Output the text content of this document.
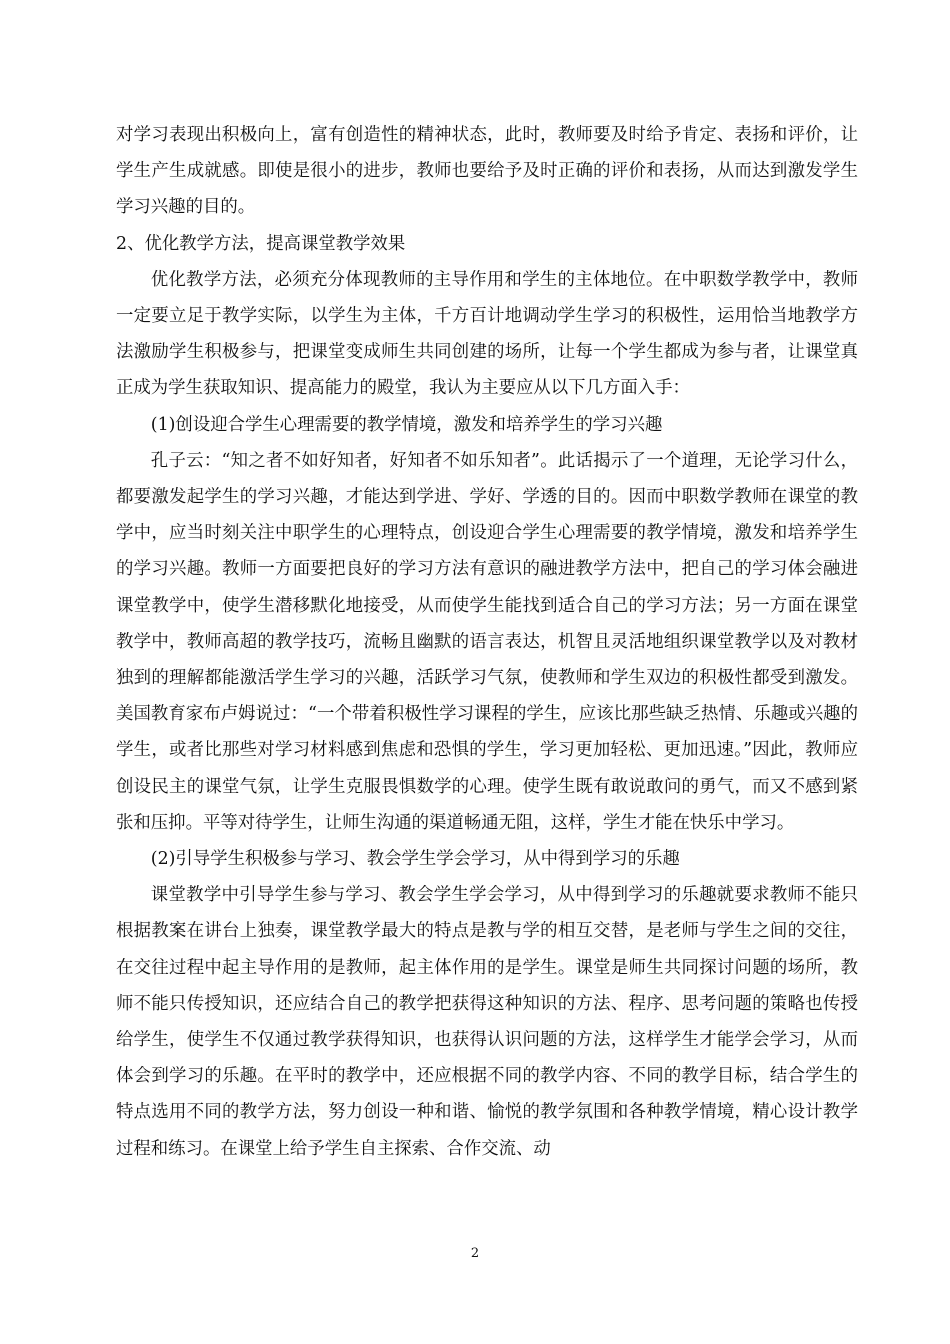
对学习表现出积极向上，富有创造性的精神状态，此时，教师要及时给予肯定、表扬和评价，让学生产生成就感。即使是很小的进步，教师也要给予及时正确的评价和表扬，从而达到激发学生学习兴趣的目的。

2、优化教学方法，提高课堂教学效果

优化教学方法，必须充分体现教师的主导作用和学生的主体地位。在中职数学教学中，教师一定要立足于教学实际，以学生为主体，千方百计地调动学生学习的积极性，运用恰当地教学方法激励学生积极参与，把课堂变成师生共同创建的场所，让每一个学生都成为参与者，让课堂真正成为学生获取知识、提高能力的殿堂，我认为主要应从以下几方面入手：

(1)创设迎合学生心理需要的教学情境，激发和培养学生的学习兴趣

孔子云：“知之者不如好知者，好知者不如乐知者”。此话揭示了一个道理，无论学习什么，都要激发起学生的学习兴趣，才能达到学进、学好、学透的目的。因而中职数学教师在课堂的教学中，应当时刻关注中职学生的心理特点，创设迎合学生心理需要的教学情境，激发和培养学生的学习兴趣。教师一方面要把良好的学习方法有意识的融进教学方法中，把自己的学习体会融进课堂教学中，使学生潜移默化地接受，从而使学生能找到适合自己的学习方法；另一方面在课堂教学中，教师高超的教学技巧，流畅且幽默的语言表达，机智且灵活地组织课堂教学以及对教材独到的理解都能激活学生学习的兴趣，活跃学习气氛，使教师和学生双边的积极性都受到激发。美国教育家布卢姆说过：“一个带着积极性学习课程的学生，应该比那些缺乏热情、乐趣或兴趣的学生，或者比那些对学习材料感到焦虑和恐惧的学生，学习更加轻松、更加迅速。”因此，教师应创设民主的课堂气氛，让学生克服畏惧数学的心理。使学生既有敢说敢问的勇气，而又不感到紧张和压抑。平等对待学生，让师生沟通的渠道畅通无阻，这样，学生才能在快乐中学习。

(2)引导学生积极参与学习、教会学生学会学习，从中得到学习的乐趣

课堂教学中引导学生参与学习、教会学生学会学习，从中得到学习的乐趣就要求教师不能只根据教案在讲台上独奏，课堂教学最大的特点是教与学的相互交替，是老师与学生之间的交往，在交往过程中起主导作用的是教师，起主体作用的是学生。课堂是师生共同探讨问题的场所，教师不能只传授知识，还应结合自己的教学把获得这种知识的方法、程序、思考问题的策略也传授给学生，使学生不仅通过教学获得知识，也获得认识问题的方法，这样学生才能学会学习，从而体会到学习的乐趣。在平时的教学中，还应根据不同的教学内容、不同的教学目标，结合学生的特点选用不同的教学方法，努力创设一种和谐、愉悦的教学氛围和各种教学情境，精心设计教学过程和练习。在课堂上给予学生自主探索、合作交流、动

2
